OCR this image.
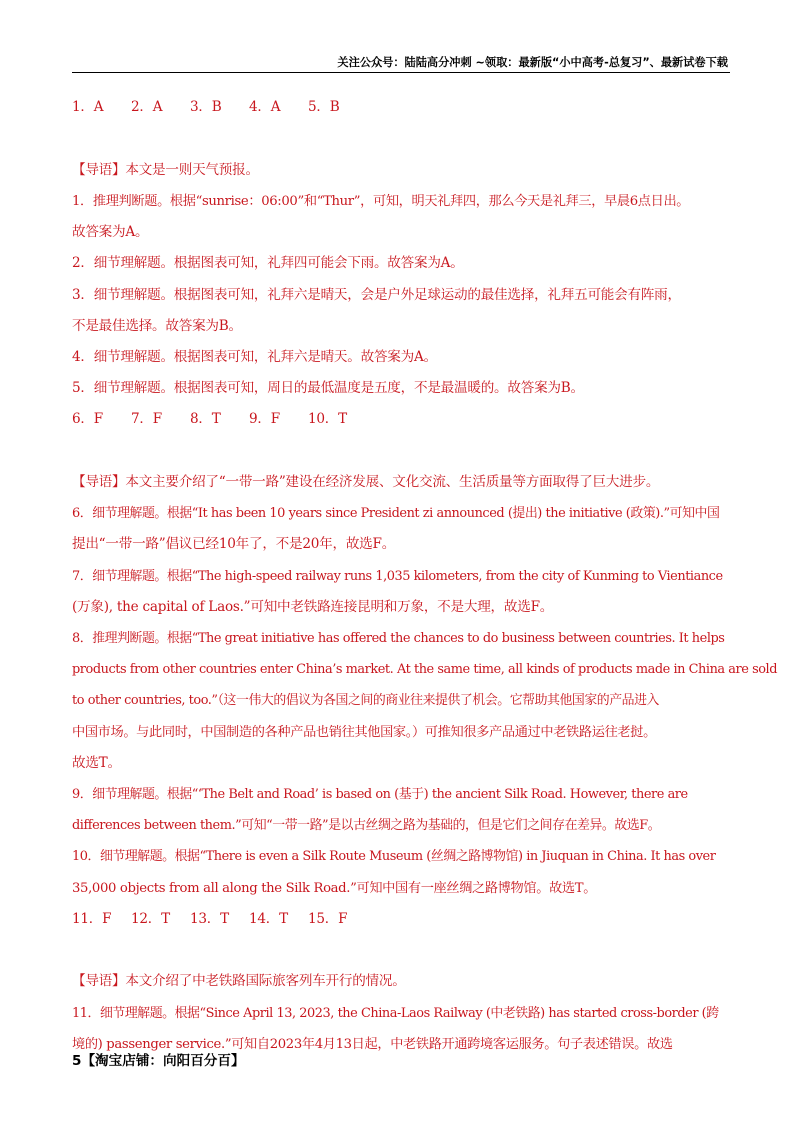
关注公众号：陆陆高分冲刺 ~领取：最新版“小中高考-总复习”、最新试卷下载
1．A 2．A 3．B 4．A 5．B
【导语】本文是一则天气预报。
1．推理判断题。根据“sunrise：06:00”和“Thur”，可知，明天礼拜四，那么今天是礼拜三，早晨6点日出。
故答案为A。
2．细节理解题。根据图表可知，礼拜四可能会下雨。故答案为A。
3．细节理解题。根据图表可知，礼拜六是晴天，会是户外足球运动的最佳选择，礼拜五可能会有阵雨，
不是最佳选择。故答案为B。
4．细节理解题。根据图表可知，礼拜六是晴天。故答案为A。
5．细节理解题。根据图表可知，周日的最低温度是五度，不是最温暖的。故答案为B。
6．F 7．F 8．T 9．F 10．T
【导语】本文主要介绍了“一带一路”建设在经济发展、文化交流、生活质量等方面取得了巨大进步。
6．细节理解题。根据“It has been 10 years since President zi announced (提出) the initiative (政策).”可知中国
提出“一带一路”倡议已经10年了，不是20年，故选F。
7．细节理解题。根据“The high-speed railway runs 1,035 kilometers, from the city of Kunming to Vientiance
(万象), the capital of Laos.”可知中老铁路连接昆明和万象，不是大理，故选F。
8．推理判断题。根据“The great initiative has offered the chances to do business between countries. It helps
products from other countries enter China’s market. At the same time, all kinds of products made in China are sold
to other countries, too.”（这一伟大的倡议为各国之间的商业往来提供了机会。它帮助其他国家的产品进入
中国市场。与此同时，中国制造的各种产品也销往其他国家。）可推知很多产品通过中老铁路运往老挝。
故选T。
9．细节理解题。根据“‘The Belt and Road’ is based on (基于) the ancient Silk Road. However, there are
differences between them.”可知“一带一路”是以古丝绸之路为基础的，但是它们之间存在差异。故选F。
10．细节理解题。根据“There is even a Silk Route Museum (丝绸之路博物馆) in Jiuquan in China. It has over
35,000 objects from all along the Silk Road.”可知中国有一座丝绸之路博物馆。故选T。
11．F 12．T 13．T 14．T 15．F
【导语】本文介绍了中老铁路国际旅客列车开行的情况。
11．细节理解题。根据“Since April 13, 2023, the China-Laos Railway (中老铁路) has started cross-border (跨
境的) passenger service.”可知自2023年4月13日起，中老铁路开通跨境客运服务。句子表述错误。故选
5【淘宝店铺：向阳百分百】
